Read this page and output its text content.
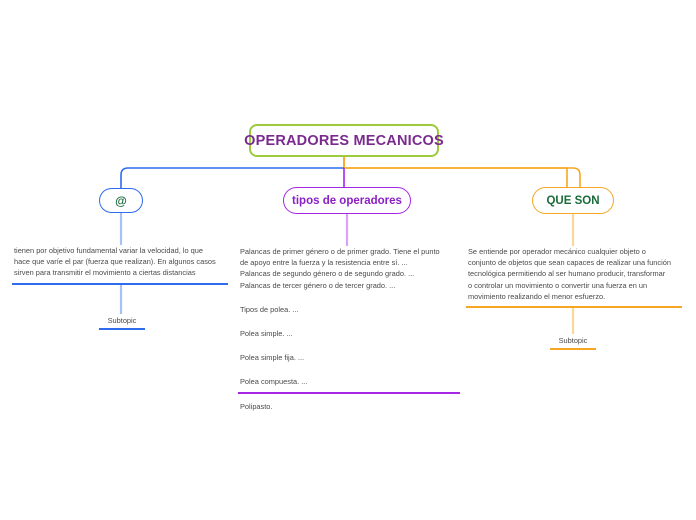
OPERADORES MECANICOS
@	tipos de operadores	QUE SON

tienen por objetivo fundamental variar la velocidad, lo que

hace que varíe el par (fuerza que realizan). En algunos casos

sirven para transmitir el movimiento a ciertas distancias

Palancas de primer género o de primer grado. Tiene el punto

de apoyo entre la fuerza y la resistencia entre sí. ...

Palancas de segundo género o de segundo grado. ...

Palancas de tercer género o de tercer grado. ...

Tipos de polea. ...

Polea simple. ...

Polea simple fija. ...

Polea compuesta. ...

Polipasto.

Se entiende por operador mecánico cualquier objeto o

conjunto de objetos que sean capaces de realizar una función

tecnológica permitiendo al ser humano producir, transformar

o controlar un movimiento o convertir una fuerza en un

movimiento realizando el menor esfuerzo.

Subtopic
Subtopic
